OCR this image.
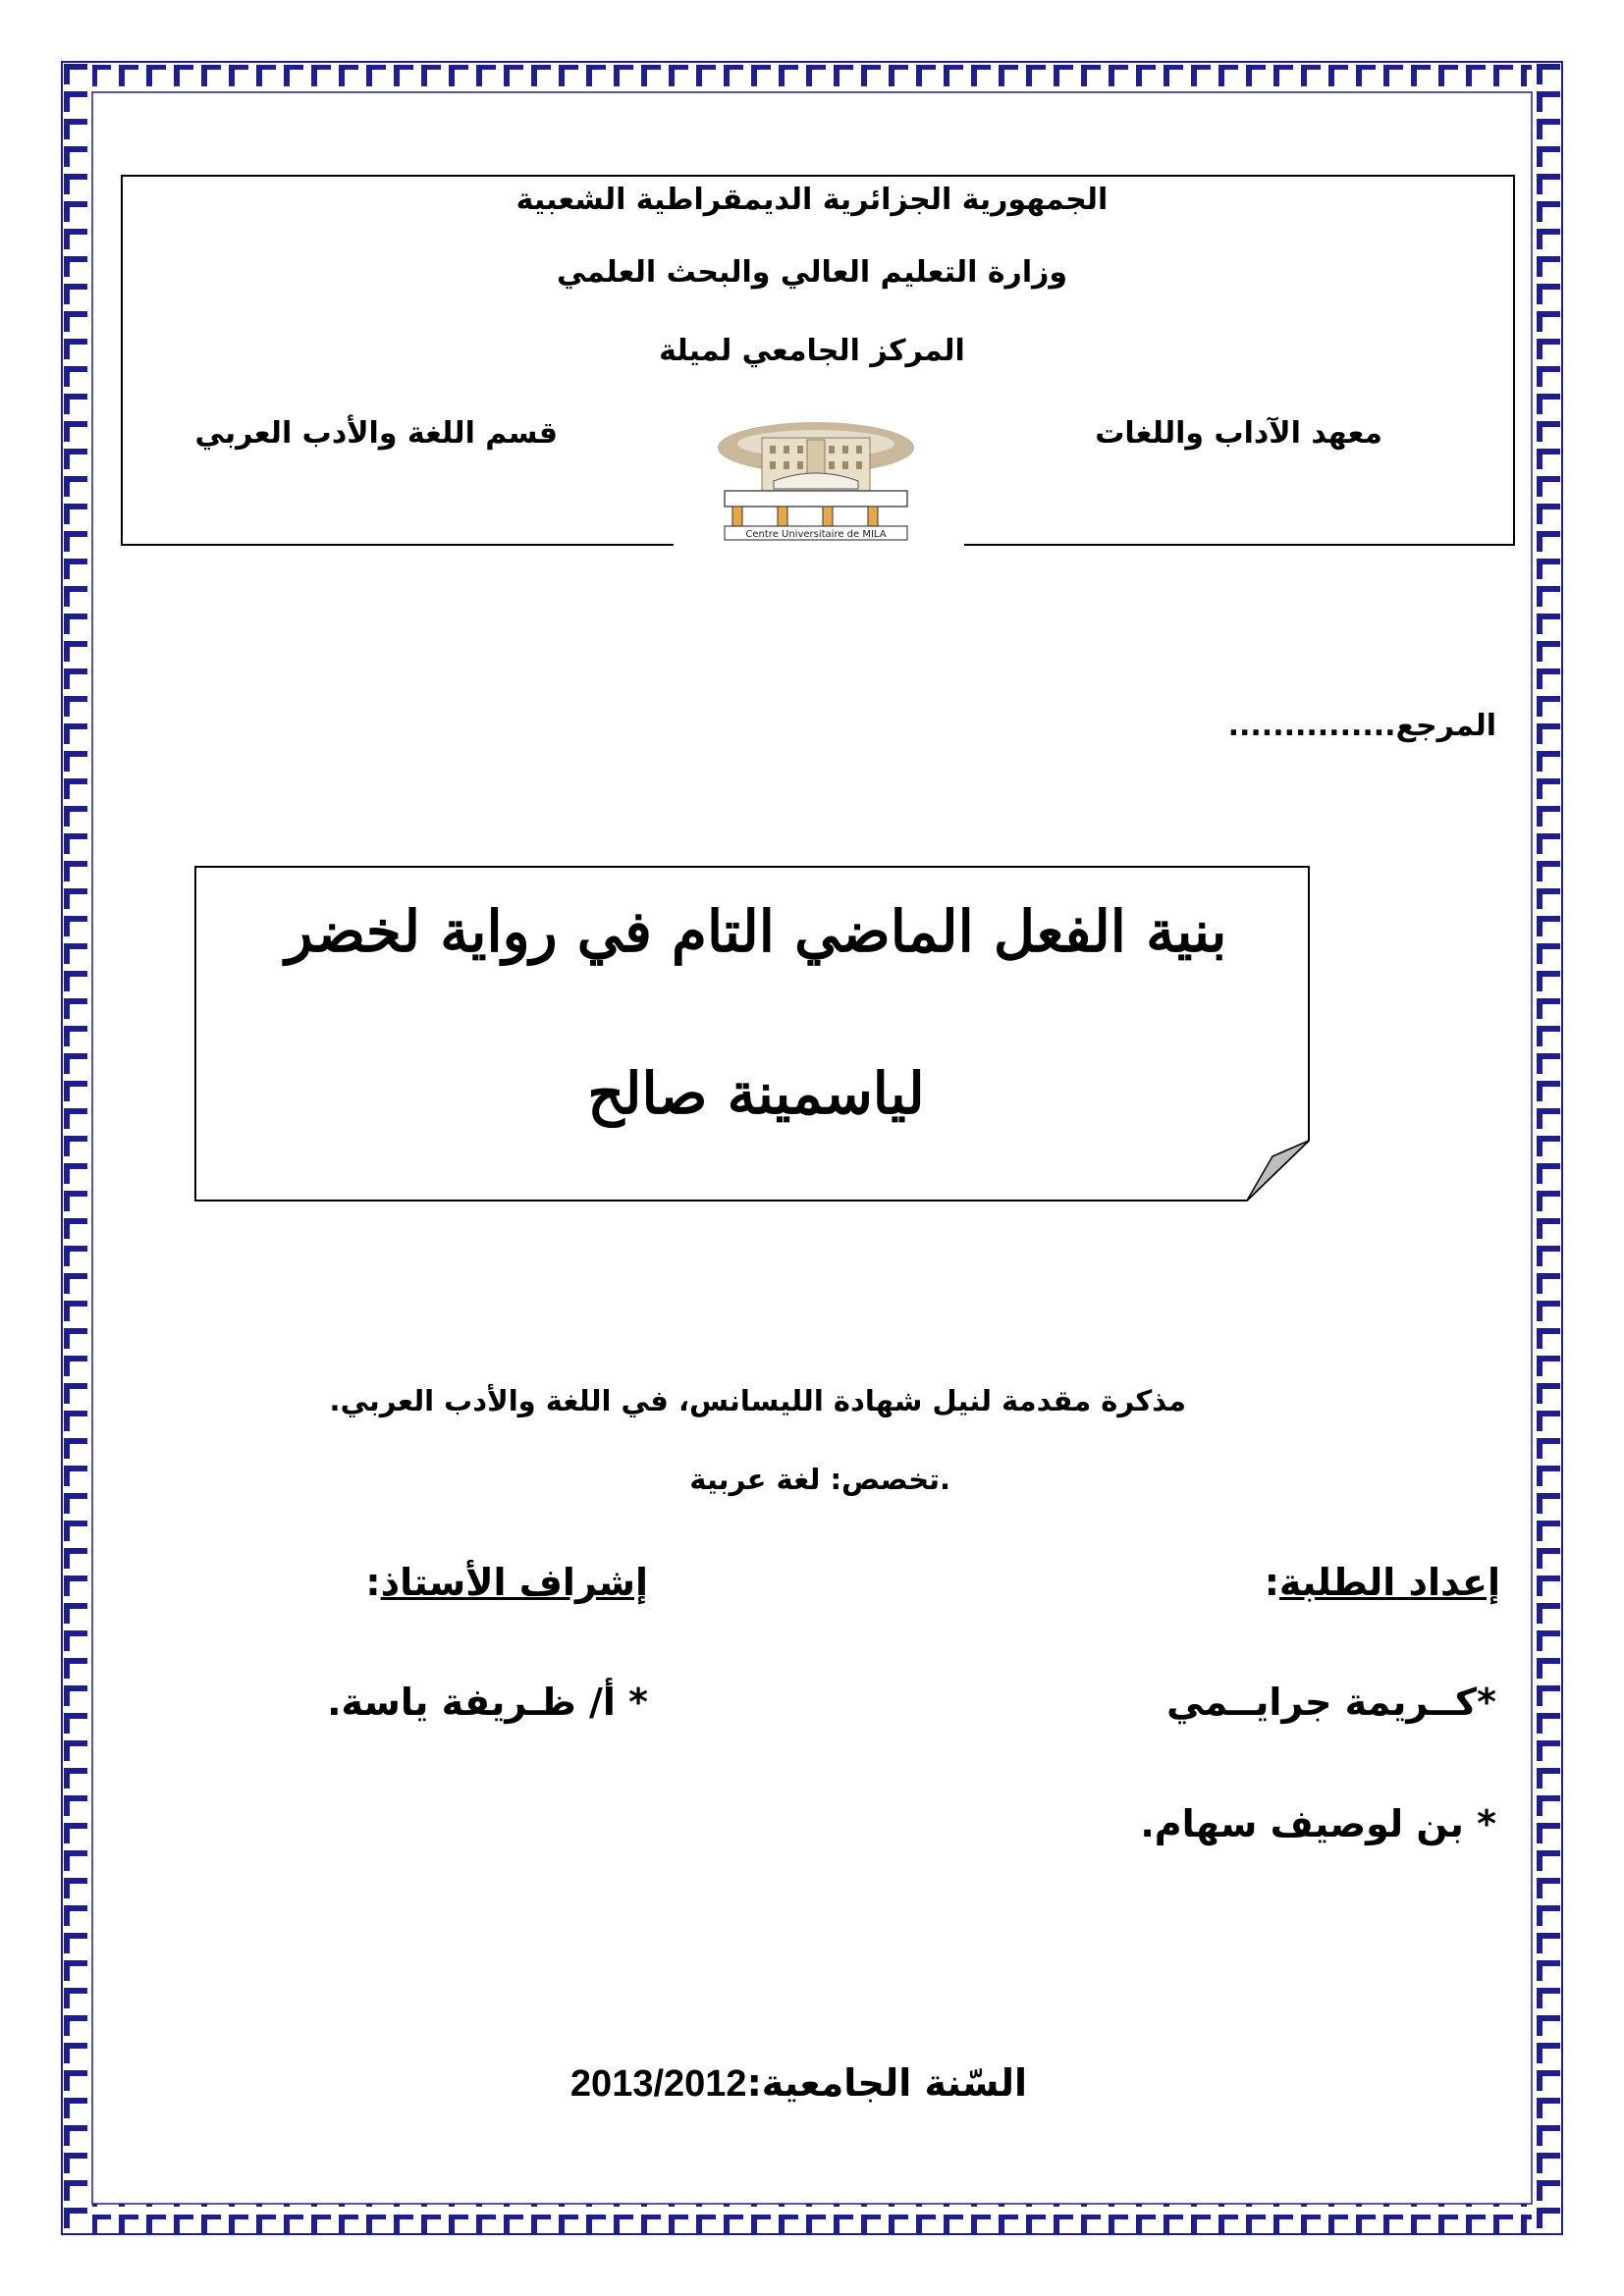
الجمهورية الجزائرية الديمقراطية الشعبية
وزارة التعليم العالي والبحث العلمي
المركز الجامعي لميلة
معهد الآداب واللغات
قسم اللغة والأدب العربي
Centre Universitaire de MILA
المرجع...............
بنية الفعل الماضي التام في رواية لخضر
لياسمينة صالح
مذكرة مقدمة لنيل شهادة الليسانس، في اللغة والأدب العربي.
.تخصص: لغة عربية
إعداد الطلبة:
إشراف الأستاذ:
*كــريمة جرايــمي
* أ/ ظـريفة ياسة.
* بن لوصيف سهام.
السّنة الجامعية:2013/2012
